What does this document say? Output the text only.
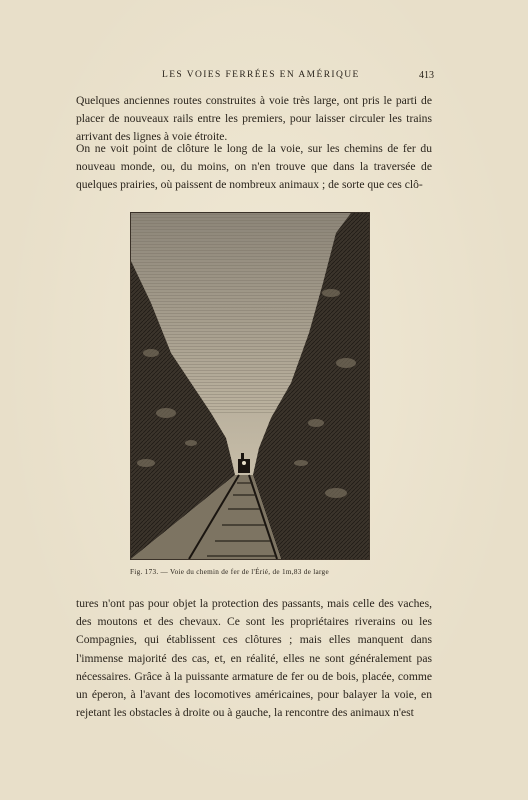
LES VOIES FERRÉES EN AMÉRIQUE	413

Quelques anciennes routes construites à voie très large, ont pris le parti de placer de nouveaux rails entre les premiers, pour laisser circuler les trains arrivant des lignes à voie étroite.

On ne voit point de clôture le long de la voie, sur les chemins de fer du nouveau monde, ou, du moins, on n'en trouve que dans la traversée de quelques prairies, où paissent de nombreux animaux ; de sorte que ces clô-

Fig. 173. — Voie du chemin de fer de l'Érié, de 1m,83 de large

tures n'ont pas pour objet la protection des passants, mais celle des vaches, des moutons et des chevaux. Ce sont les propriétaires riverains ou les Compagnies, qui établissent ces clôtures ; mais elles manquent dans l'immense majorité des cas, et, en réalité, elles ne sont généralement pas nécessaires. Grâce à la puissante armature de fer ou de bois, placée, comme un éperon, à l'avant des locomotives américaines, pour balayer la voie, en rejetant les obstacles à droite ou à gauche, la rencontre des animaux n'est
